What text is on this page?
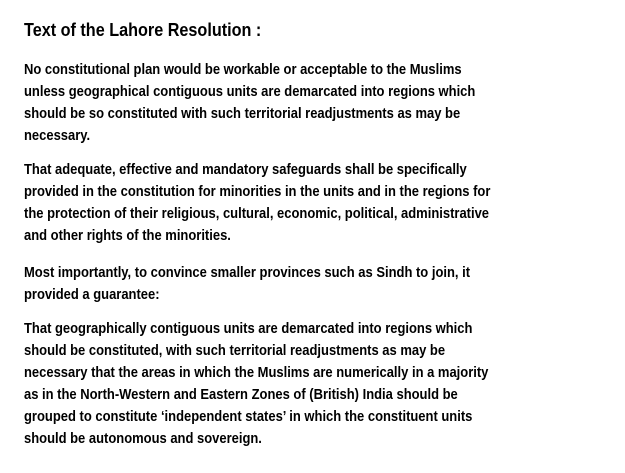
Text of the Lahore Resolution :
No constitutional plan would be workable or acceptable to the Muslims
unless geographical contiguous units are demarcated into regions which
should be so constituted with such territorial readjustments as may be
necessary.
That adequate, effective and mandatory safeguards shall be specifically
provided in the constitution for minorities in the units and in the regions for
the protection of their religious, cultural, economic, political, administrative
and other rights of the minorities.
Most importantly, to convince smaller provinces such as Sindh to join, it
provided a guarantee:
That geographically contiguous units are demarcated into regions which
should be constituted, with such territorial readjustments as may be
necessary that the areas in which the Muslims are numerically in a majority
as in the North-Western and Eastern Zones of (British) India should be
grouped to constitute ‘independent states’ in which the constituent units
should be autonomous and sovereign.
